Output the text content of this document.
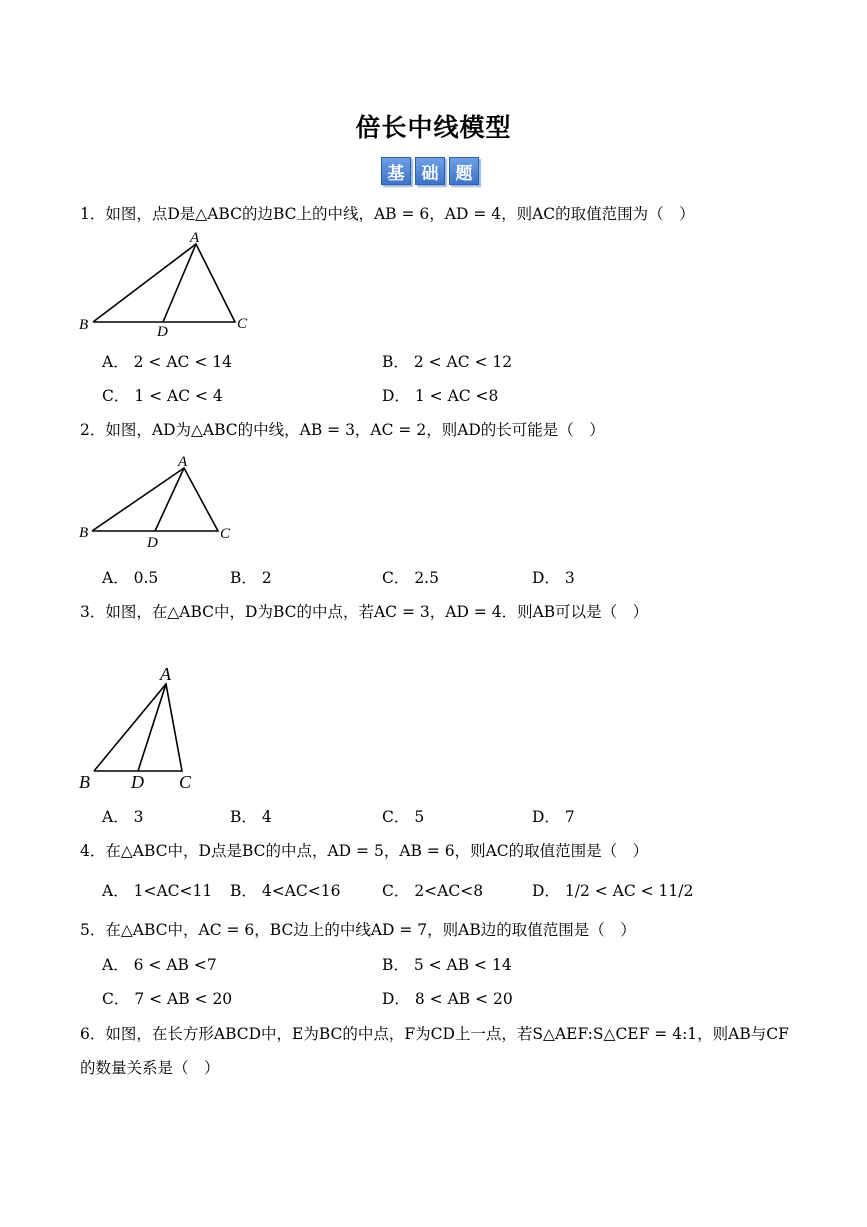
倍长中线模型
基	础	题
1．如图，点D是△ABC的边BC上的中线，AB = 6，AD = 4，则AC的取值范围为（　）
A
B	C
D
A． 2 < AC < 14	B． 2 < AC < 12
C． 1 < AC < 4	D． 1 < AC <8
2．如图，AD为△ABC的中线，AB = 3，AC = 2，则AD的长可能是（　）
A
B	C
D
A． 0.5	B． 2	C． 2.5	D． 3
3．如图，在△ABC中，D为BC的中点，若AC = 3，AD = 4．则AB可以是（　）
A
B	C
D
A． 3	B． 4	C． 5	D． 7
4．在△ABC中，D点是BC的中点，AD = 5，AB = 6，则AC的取值范围是（　）
A． 1<AC<11 B． 4<AC<16	C． 2<AC<8	D． 1/2 < AC < 11/2
5．在△ABC中，AC = 6，BC边上的中线AD = 7，则AB边的取值范围是（　）
A． 6 < AB <7	B． 5 < AB < 14
C． 7 < AB < 20	D． 8 < AB < 20
6．如图，在长方形ABCD中，E为BC的中点，F为CD上一点，若S△AEF:S△CEF = 4:1，则AB与CF
的数量关系是（　）
